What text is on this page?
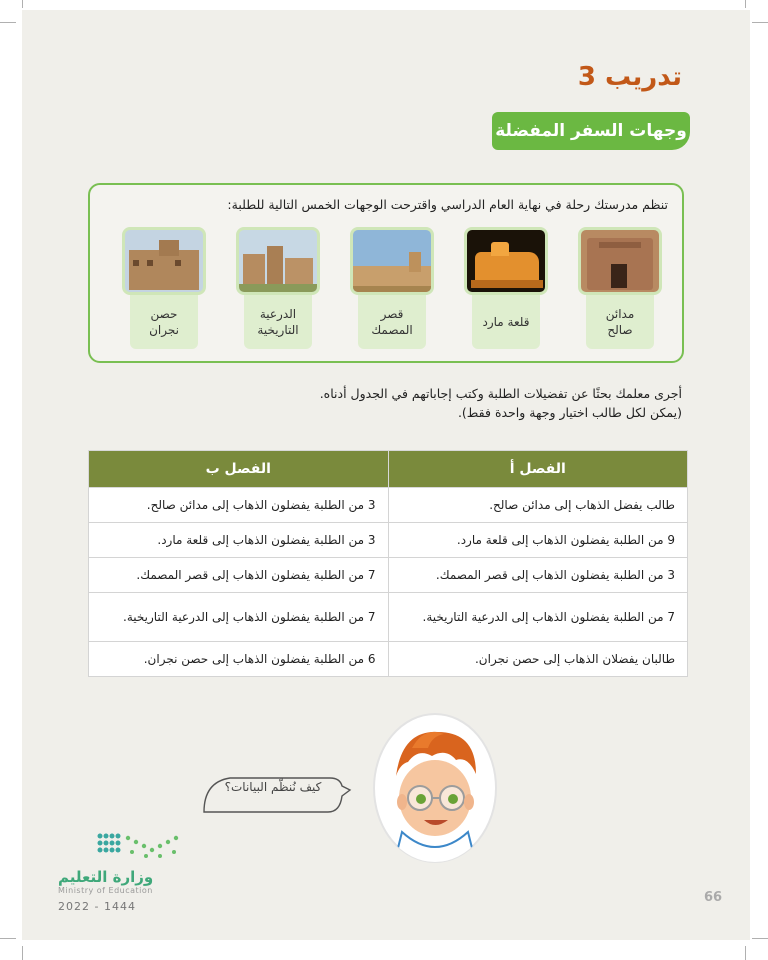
تدريب 3
وجهات السفر المفضلة
تنظم مدرستك رحلة في نهاية العام الدراسي واقترحت الوجهات الخمس التالية للطلبة:
مدائن
صالح
قلعة مارد
قصر
المصمك
الدرعية
التاريخية
حصن
نجران
أجرى معلمك بحثًا عن تفضيلات الطلبة وكتب إجاباتهم في الجدول أدناه.
(يمكن لكل طالب اختيار وجهة واحدة فقط).
الفصل أ	الفصل ب
طالب يفضل الذهاب إلى مدائن صالح.	3 من الطلبة يفضلون الذهاب إلى مدائن صالح.
9 من الطلبة يفضلون الذهاب إلى قلعة مارد.	3 من الطلبة يفضلون الذهاب إلى قلعة مارد.
3 من الطلبة يفضلون الذهاب إلى قصر المصمك.	7 من الطلبة يفضلون الذهاب إلى قصر المصمك.
7 من الطلبة يفضلون الذهاب إلى الدرعية التاريخية.	7 من الطلبة يفضلون الذهاب إلى الدرعية التاريخية.
طالبان يفضلان الذهاب إلى حصن نجران.	6 من الطلبة يفضلون الذهاب إلى حصن نجران.
كيف نُنظّم البيانات؟
وزارة التعليم
Ministry of Education
2022 - 1444
66
